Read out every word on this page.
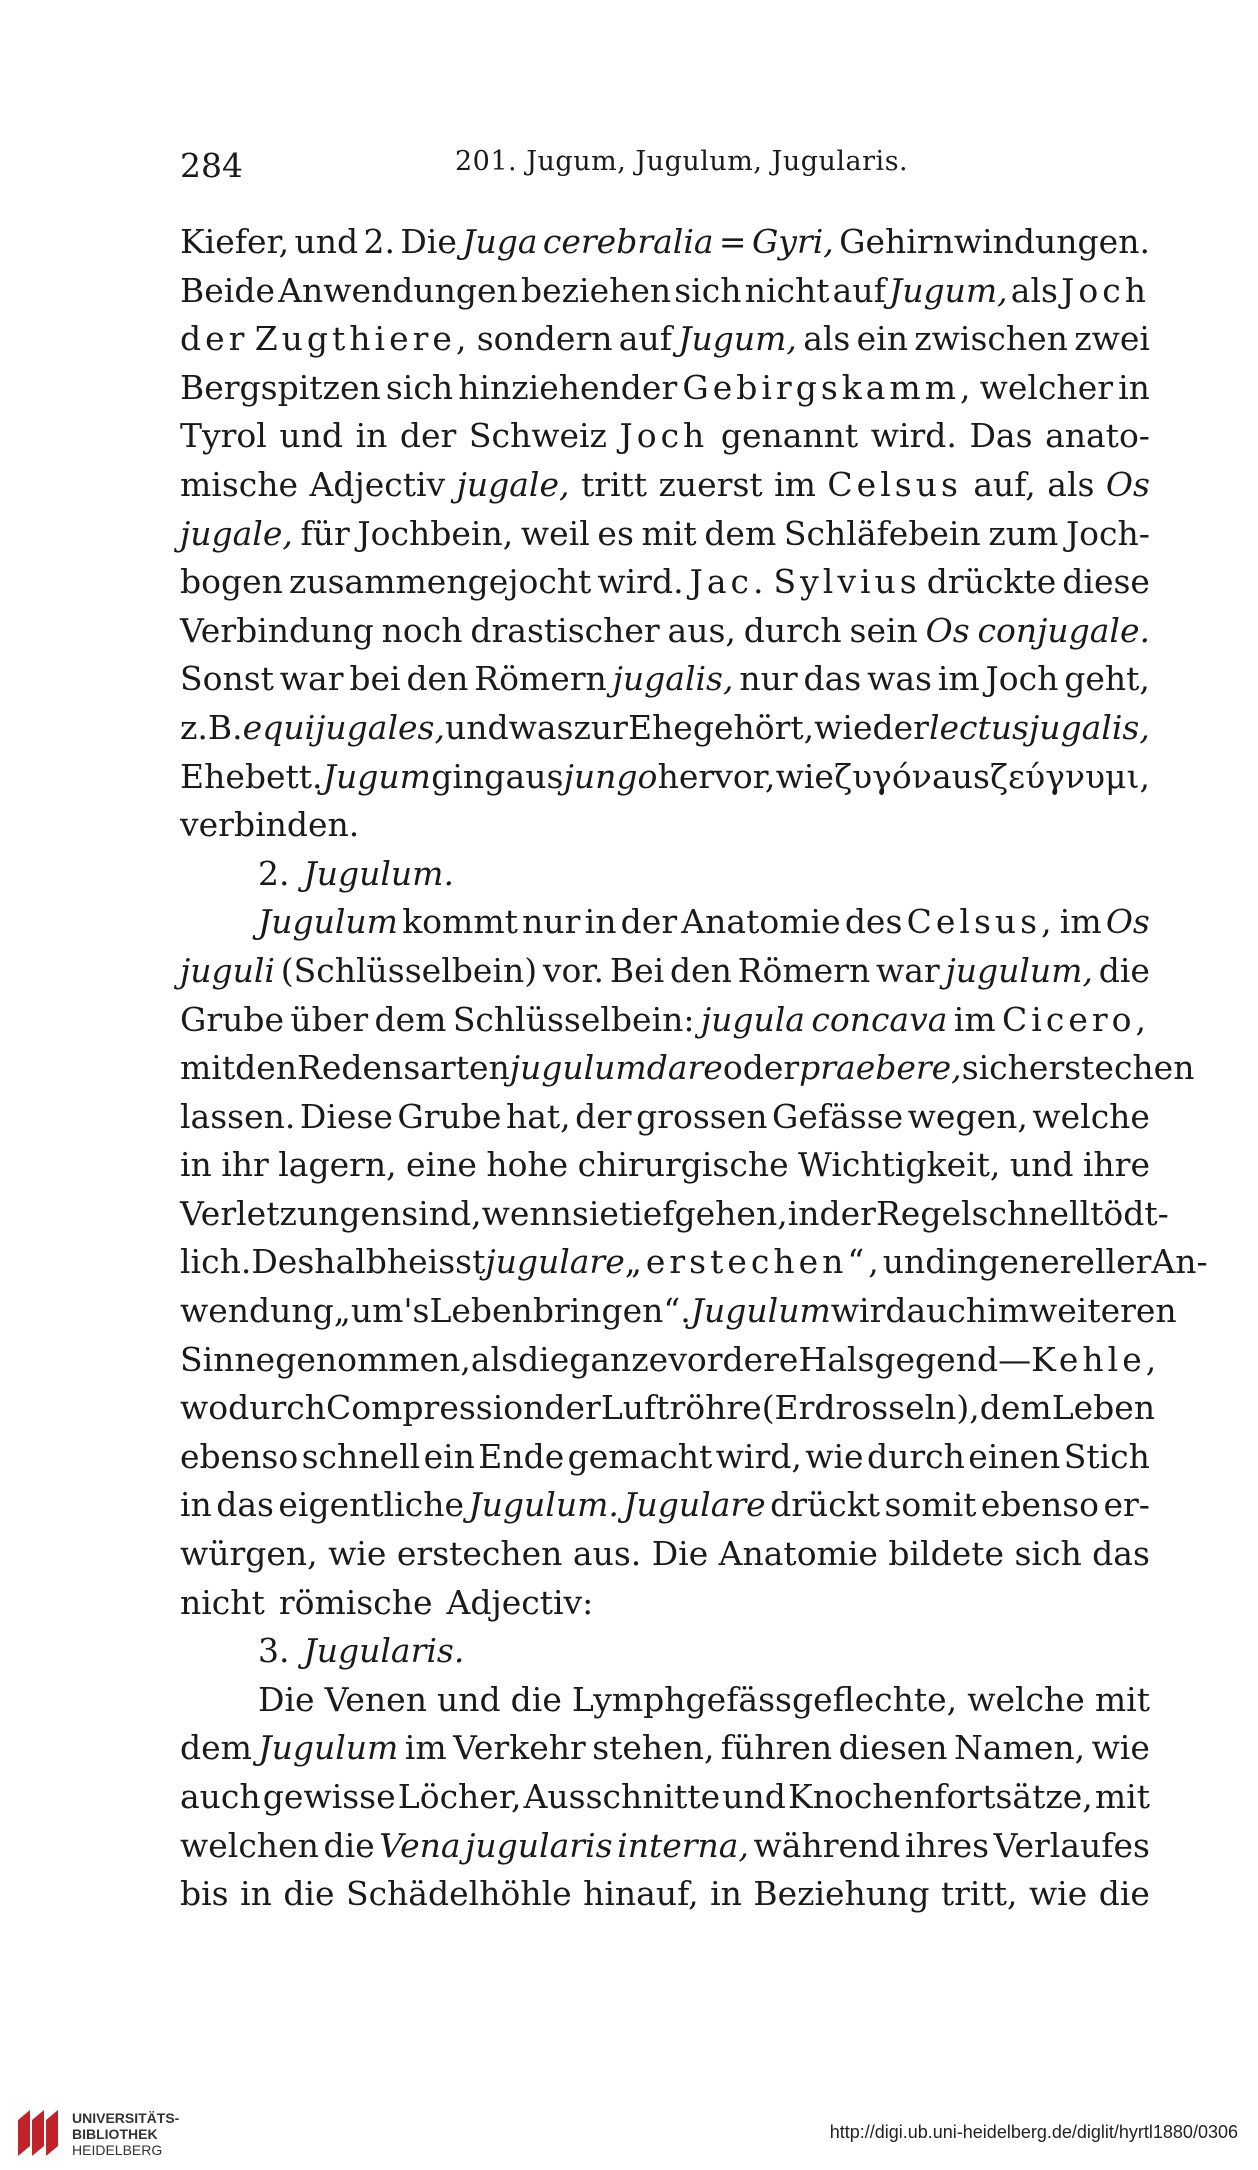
284	201. Jugum, Jugulum, Jugularis.
Kiefer, und 2. Die Juga cerebralia = Gyri, Gehirnwindungen.
Beide Anwendungen beziehen sich nicht auf Jugum, als Joch
der Zugthiere, sondern auf Jugum, als ein zwischen zwei
Bergspitzen sich hinziehender Gebirgskamm, welcher in
Tyrol und in der Schweiz Joch genannt wird. Das anato-
mische Adjectiv jugale, tritt zuerst im Celsus auf, als Os
jugale, für Jochbein, weil es mit dem Schläfebein zum Joch-
bogen zusammengejocht wird. Jac. Sylvius drückte diese
Verbindung noch drastischer aus, durch sein Os conjugale.
Sonst war bei den Römern jugalis, nur das was im Joch geht,
z. B. equi jugales, und was zur Ehe gehört, wie der lectus jugalis,
Ehebett. Jugum ging aus jungo hervor, wie ζυγόν aus ζεύγνυμι,
verbinden.
2. Jugulum.
Jugulum kommt nur in der Anatomie des Celsus, im Os
juguli (Schlüsselbein) vor. Bei den Römern war jugulum, die
Grube über dem Schlüsselbein: jugula concava im Cicero,
mit den Redensarten jugulum dare oder praebere, sich erstechen
lassen. Diese Grube hat, der grossen Gefässe wegen, welche
in ihr lagern, eine hohe chirurgische Wichtigkeit, und ihre
Verletzungen sind, wenn sie tief gehen, in der Regel schnell tödt-
lich. Deshalb heisst jugulare „erstechen“, und in genereller An-
wendung „um's Leben bringen“. Jugulum wird auch im weiteren
Sinne genommen, als die ganze vordere Halsgegend — Kehle,
wo durch Compression der Luftröhre (Erdrosseln), dem Leben
ebenso schnell ein Ende gemacht wird, wie durch einen Stich
in das eigentliche Jugulum. Jugulare drückt somit ebenso er-
würgen, wie erstechen aus. Die Anatomie bildete sich das
nicht römische Adjectiv:
3. Jugularis.
Die Venen und die Lymphgefässgeflechte, welche mit
dem Jugulum im Verkehr stehen, führen diesen Namen, wie
auch gewisse Löcher, Ausschnitte und Knochenfortsätze, mit
welchen die Vena jugularis interna, während ihres Verlaufes
bis in die Schädelhöhle hinauf, in Beziehung tritt, wie die
UNIVERSITÄTS-
BIBLIOTHEK
HEIDELBERG
http://digi.ub.uni-heidelberg.de/diglit/hyrtl1880/0306
